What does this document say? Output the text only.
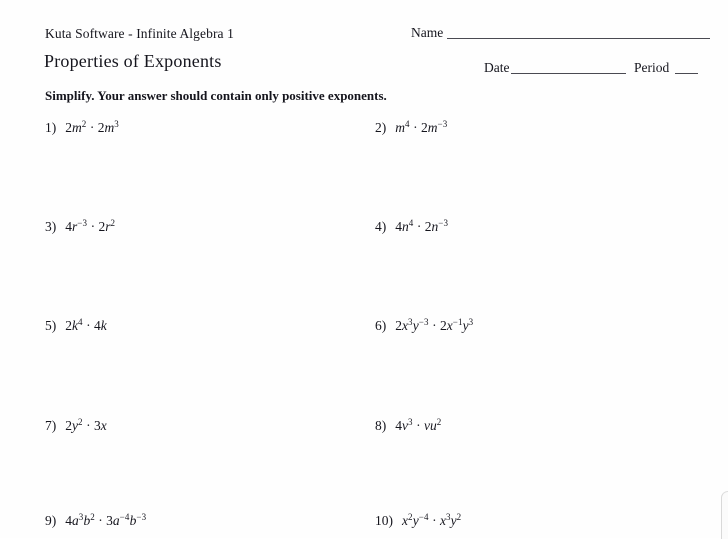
Kuta Software - Infinite Algebra 1	Name
Properties of Exponents	Date	Period
Simplify. Your answer should contain only positive exponents.
1) $2m^2 \cdot 2m^3$	2) $m^4 \cdot 2m^{-3}$
3) $4r^{-3} \cdot 2r^2$	4) $4n^4 \cdot 2n^{-3}$
5) $2k^4 \cdot 4k$	6) $2x^3y^{-3} \cdot 2x^{-1}y^3$
7) $2y^2 \cdot 3x$	8) $4v^3 \cdot vu^2$
9) $4a^3b^2 \cdot 3a^{-4}b^{-3}$	10) $x^2y^{-4} \cdot x^3y^2$
